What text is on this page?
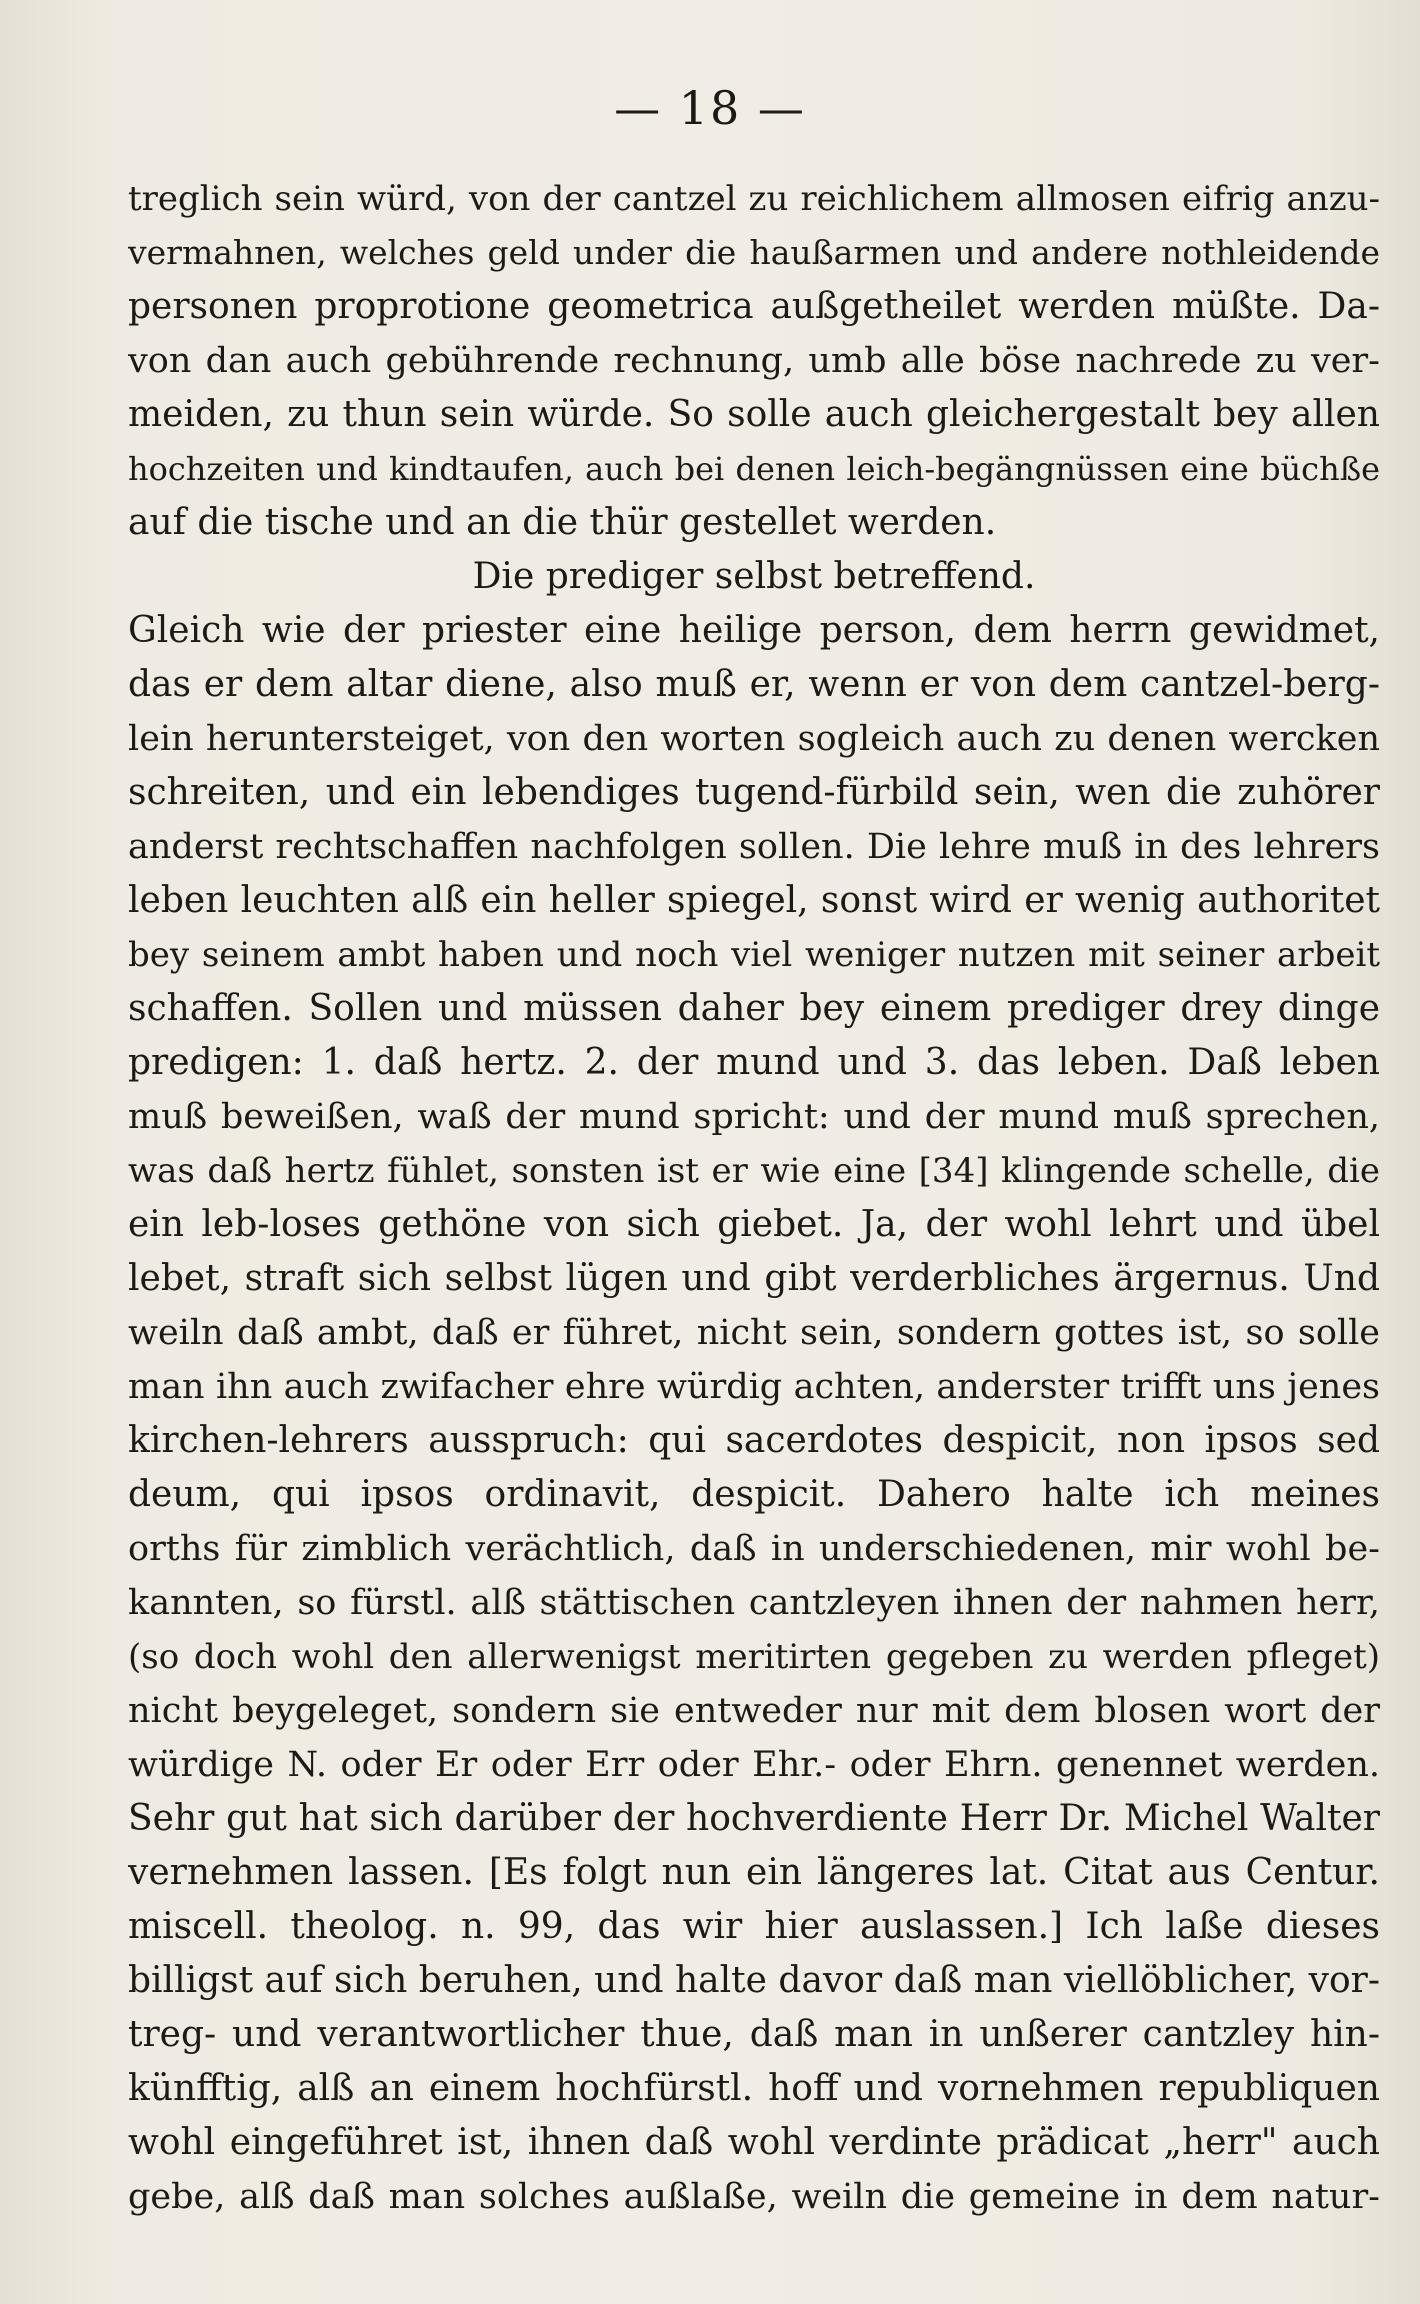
— 18 —
treglich sein würd, von der cantzel zu reichlichem allmosen eifrig anzu-
vermahnen, welches geld under die haußarmen und andere nothleidende
personen proprotione geometrica außgetheilet werden müßte. Da-
von dan auch gebührende rechnung, umb alle böse nachrede zu ver-
meiden, zu thun sein würde. So solle auch gleichergestalt bey allen
hochzeiten und kindtaufen, auch bei denen leich-begängnüssen eine büchße
auf die tische und an die thür gestellet werden.
Die prediger selbst betreffend.
Gleich wie der priester eine heilige person, dem herrn gewidmet,
das er dem altar diene, also muß er, wenn er von dem cantzel-berg-
lein heruntersteiget, von den worten sogleich auch zu denen wercken
schreiten, und ein lebendiges tugend-fürbild sein, wen die zuhörer
anderst rechtschaffen nachfolgen sollen. Die lehre muß in des lehrers
leben leuchten alß ein heller spiegel, sonst wird er wenig authoritet
bey seinem ambt haben und noch viel weniger nutzen mit seiner arbeit
schaffen. Sollen und müssen daher bey einem prediger drey dinge
predigen: 1. daß hertz. 2. der mund und 3. das leben. Daß leben
muß beweißen, waß der mund spricht: und der mund muß sprechen,
was daß hertz fühlet, sonsten ist er wie eine [34] klingende schelle, die
ein leb-loses gethöne von sich giebet. Ja, der wohl lehrt und übel
lebet, straft sich selbst lügen und gibt verderbliches ärgernus. Und
weiln daß ambt, daß er führet, nicht sein, sondern gottes ist, so solle
man ihn auch zwifacher ehre würdig achten, anderster trifft uns jenes
kirchen-lehrers ausspruch: qui sacerdotes despicit, non ipsos sed
deum, qui ipsos ordinavit, despicit. Dahero halte ich meines
orths für zimblich verächtlich, daß in underschiedenen, mir wohl be-
kannten, so fürstl. alß stättischen cantzleyen ihnen der nahmen herr,
(so doch wohl den allerwenigst meritirten gegeben zu werden pfleget)
nicht beygeleget, sondern sie entweder nur mit dem blosen wort der
würdige N. oder Er oder Err oder Ehr.- oder Ehrn. genennet werden.
Sehr gut hat sich darüber der hochverdiente Herr Dr. Michel Walter
vernehmen lassen. [Es folgt nun ein längeres lat. Citat aus Centur.
miscell. theolog. n. 99, das wir hier auslassen.] Ich laße dieses
billigst auf sich beruhen, und halte davor daß man viellöblicher, vor-
treg- und verantwortlicher thue, daß man in unßerer cantzley hin-
künfftig, alß an einem hochfürstl. hoff und vornehmen republiquen
wohl eingeführet ist, ihnen daß wohl verdinte prädicat „herr" auch
gebe, alß daß man solches außlaße, weiln die gemeine in dem natur-
